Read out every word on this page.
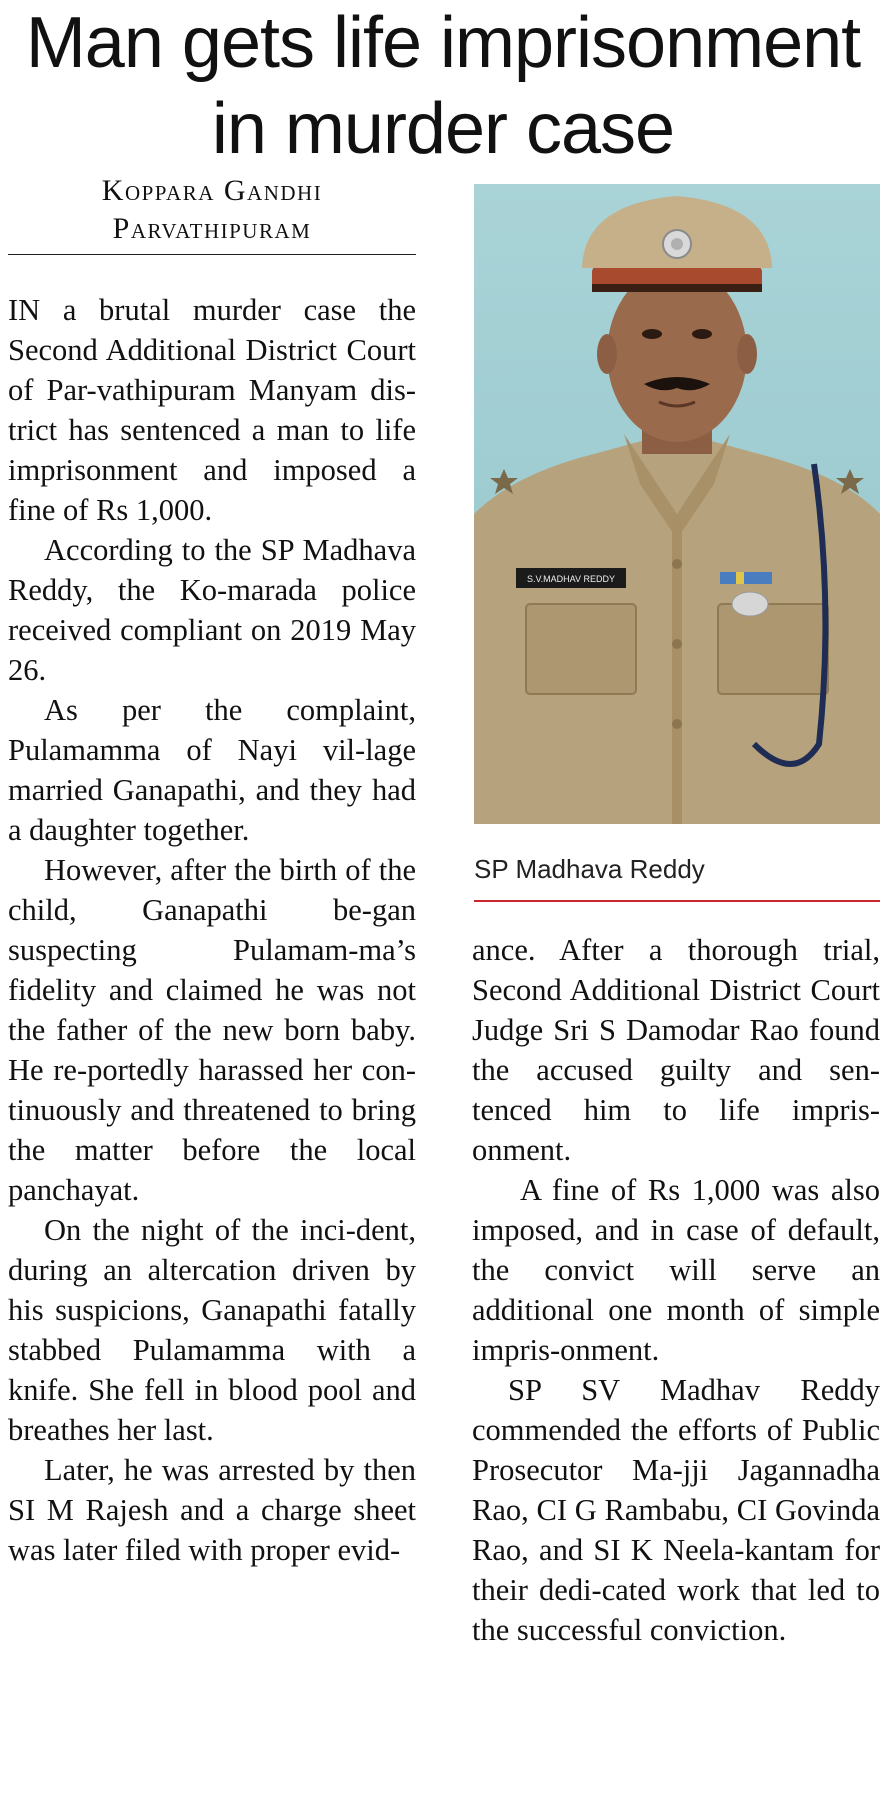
Man gets life imprisonment
in murder case
Koppara Gandhi
Parvathipuram

IN a brutal murder case the Second Additional District Court of Par-vathipuram Manyam dis-trict has sentenced a man to life imprisonment and imposed a fine of Rs 1,000.

According to the SP Madhava Reddy, the Ko-marada police received compliant on 2019 May 26.

As per the complaint, Pulamamma of Nayi vil-lage married Ganapathi, and they had a daughter together.

However, after the birth of the child, Ganapathi be-gan suspecting Pulamam-ma’s fidelity and claimed he was not the father of the new born baby. He re-portedly harassed her con-tinuously and threatened to bring the matter before the local panchayat.

On the night of the inci-dent, during an altercation driven by his suspicions, Ganapathi fatally stabbed Pulamamma with a knife. She fell in blood pool and breathes her last.

Later, he was arrested by then SI M Rajesh and a charge sheet was later filed with proper evid-

S.V.MADHAV REDDY
SP Madhava Reddy

ance. After a thorough trial, Second Additional District Court Judge Sri S Damodar Rao found the accused guilty and sen-tenced him to life impris-onment.

A fine of Rs 1,000 was also imposed, and in case of default, the convict will serve an additional one month of simple impris-onment.

SP SV Madhav Reddy commended the efforts of Public Prosecutor Ma-jji Jagannadha Rao, CI G Rambabu, CI Govinda Rao, and SI K Neela-kantam for their dedi-cated work that led to the successful conviction.
